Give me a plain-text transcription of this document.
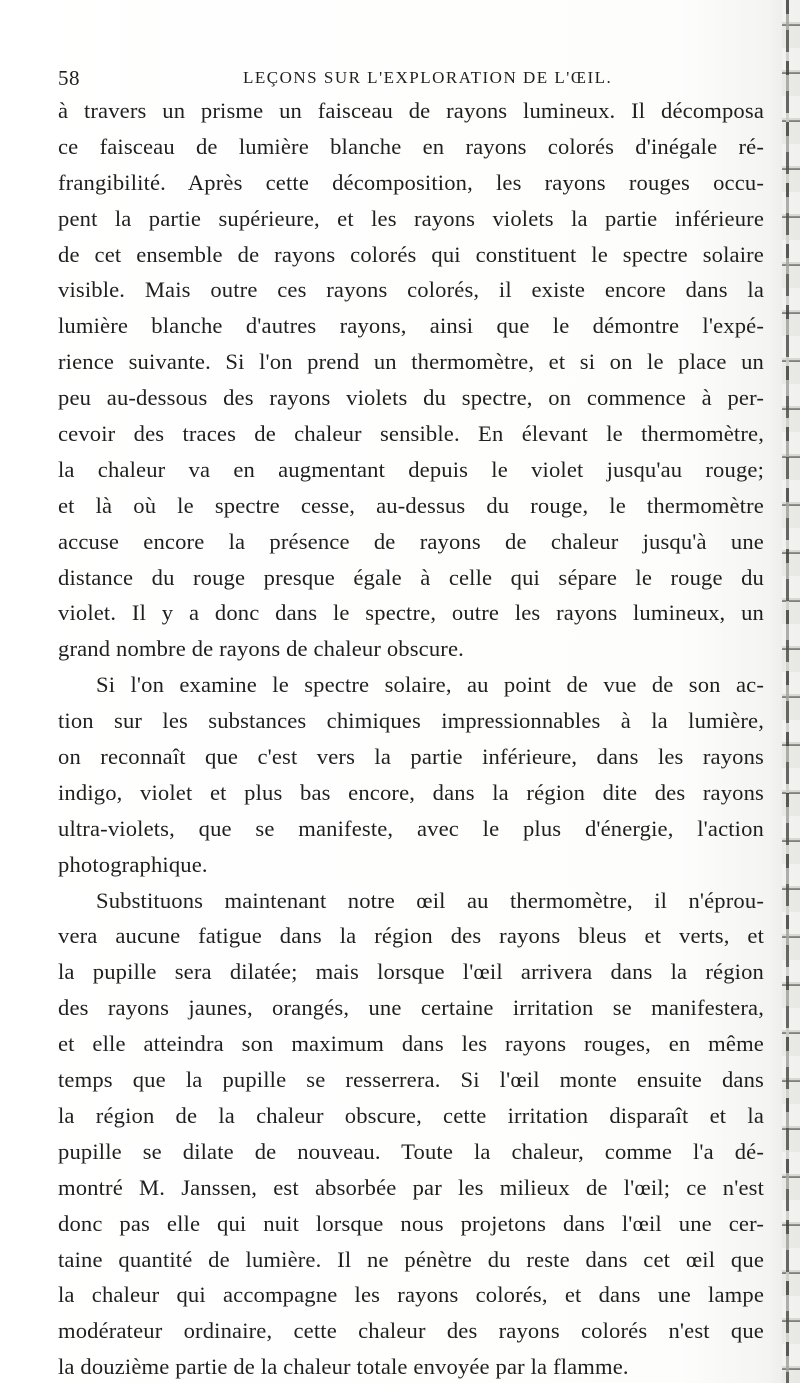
58	LEÇONS SUR L'EXPLORATION DE L'ŒIL.
à travers un prisme un faisceau de rayons lumineux. Il décomposa
ce faisceau de lumière blanche en rayons colorés d'inégale ré-
frangibilité. Après cette décomposition, les rayons rouges occu-
pent la partie supérieure, et les rayons violets la partie inférieure
de cet ensemble de rayons colorés qui constituent le spectre solaire
visible. Mais outre ces rayons colorés, il existe encore dans la
lumière blanche d'autres rayons, ainsi que le démontre l'expé-
rience suivante. Si l'on prend un thermomètre, et si on le place un
peu au-dessous des rayons violets du spectre, on commence à per-
cevoir des traces de chaleur sensible. En élevant le thermomètre,
la chaleur va en augmentant depuis le violet jusqu'au rouge;
et là où le spectre cesse, au-dessus du rouge, le thermomètre
accuse encore la présence de rayons de chaleur jusqu'à une
distance du rouge presque égale à celle qui sépare le rouge du
violet. Il y a donc dans le spectre, outre les rayons lumineux, un
grand nombre de rayons de chaleur obscure.
Si l'on examine le spectre solaire, au point de vue de son ac-
tion sur les substances chimiques impressionnables à la lumière,
on reconnaît que c'est vers la partie inférieure, dans les rayons
indigo, violet et plus bas encore, dans la région dite des rayons
ultra-violets, que se manifeste, avec le plus d'énergie, l'action
photographique.
Substituons maintenant notre œil au thermomètre, il n'éprou-
vera aucune fatigue dans la région des rayons bleus et verts, et
la pupille sera dilatée; mais lorsque l'œil arrivera dans la région
des rayons jaunes, orangés, une certaine irritation se manifestera,
et elle atteindra son maximum dans les rayons rouges, en même
temps que la pupille se resserrera. Si l'œil monte ensuite dans
la région de la chaleur obscure, cette irritation disparaît et la
pupille se dilate de nouveau. Toute la chaleur, comme l'a dé-
montré M. Janssen, est absorbée par les milieux de l'œil; ce n'est
donc pas elle qui nuit lorsque nous projetons dans l'œil une cer-
taine quantité de lumière. Il ne pénètre du reste dans cet œil que
la chaleur qui accompagne les rayons colorés, et dans une lampe
modérateur ordinaire, cette chaleur des rayons colorés n'est que
la douzième partie de la chaleur totale envoyée par la flamme.
